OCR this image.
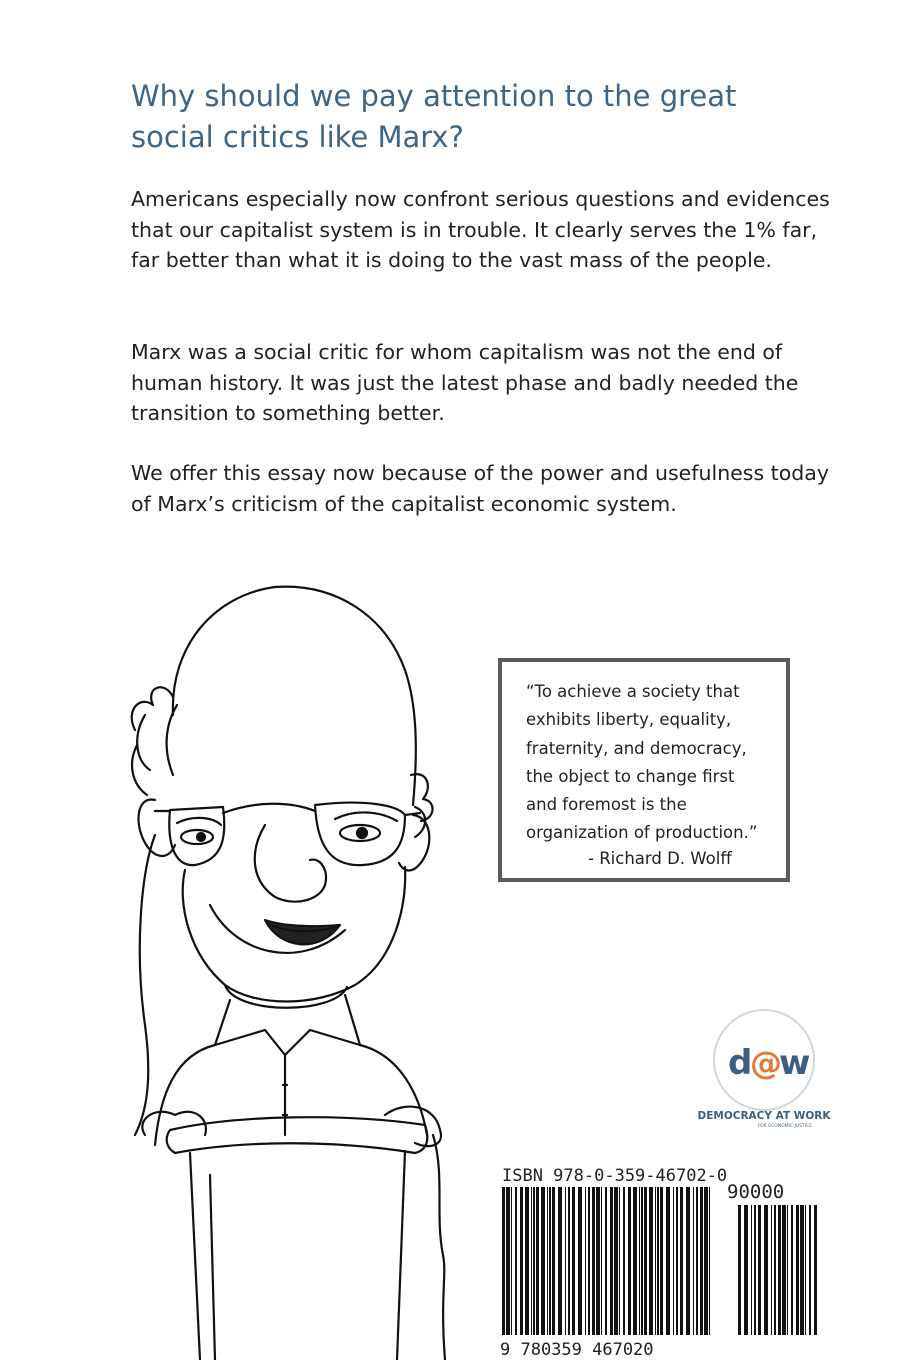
Why should we pay attention to the great social critics like Marx?

Americans especially now confront serious questions and evidences that our capitalist system is in trouble. It clearly serves the 1% far, far better than what it is doing to the vast mass of the people.

Marx was a social critic for whom capitalism was not the end of human history. It was just the latest phase and badly needed the transition to something better.

We offer this essay now because of the power and usefulness today of Marx’s criticism of the capitalist economic system.

“To achieve a society that
exhibits liberty, equality,
fraternity, and democracy,
the object to change first
and foremost is the
organization of production.”

- Richard D. Wolff

d
@
w
DEMOCRACY AT WORK
FOR ECONOMIC JUSTICE
ISBN 978-0-359-46702-0
90000
9 780359 467020
